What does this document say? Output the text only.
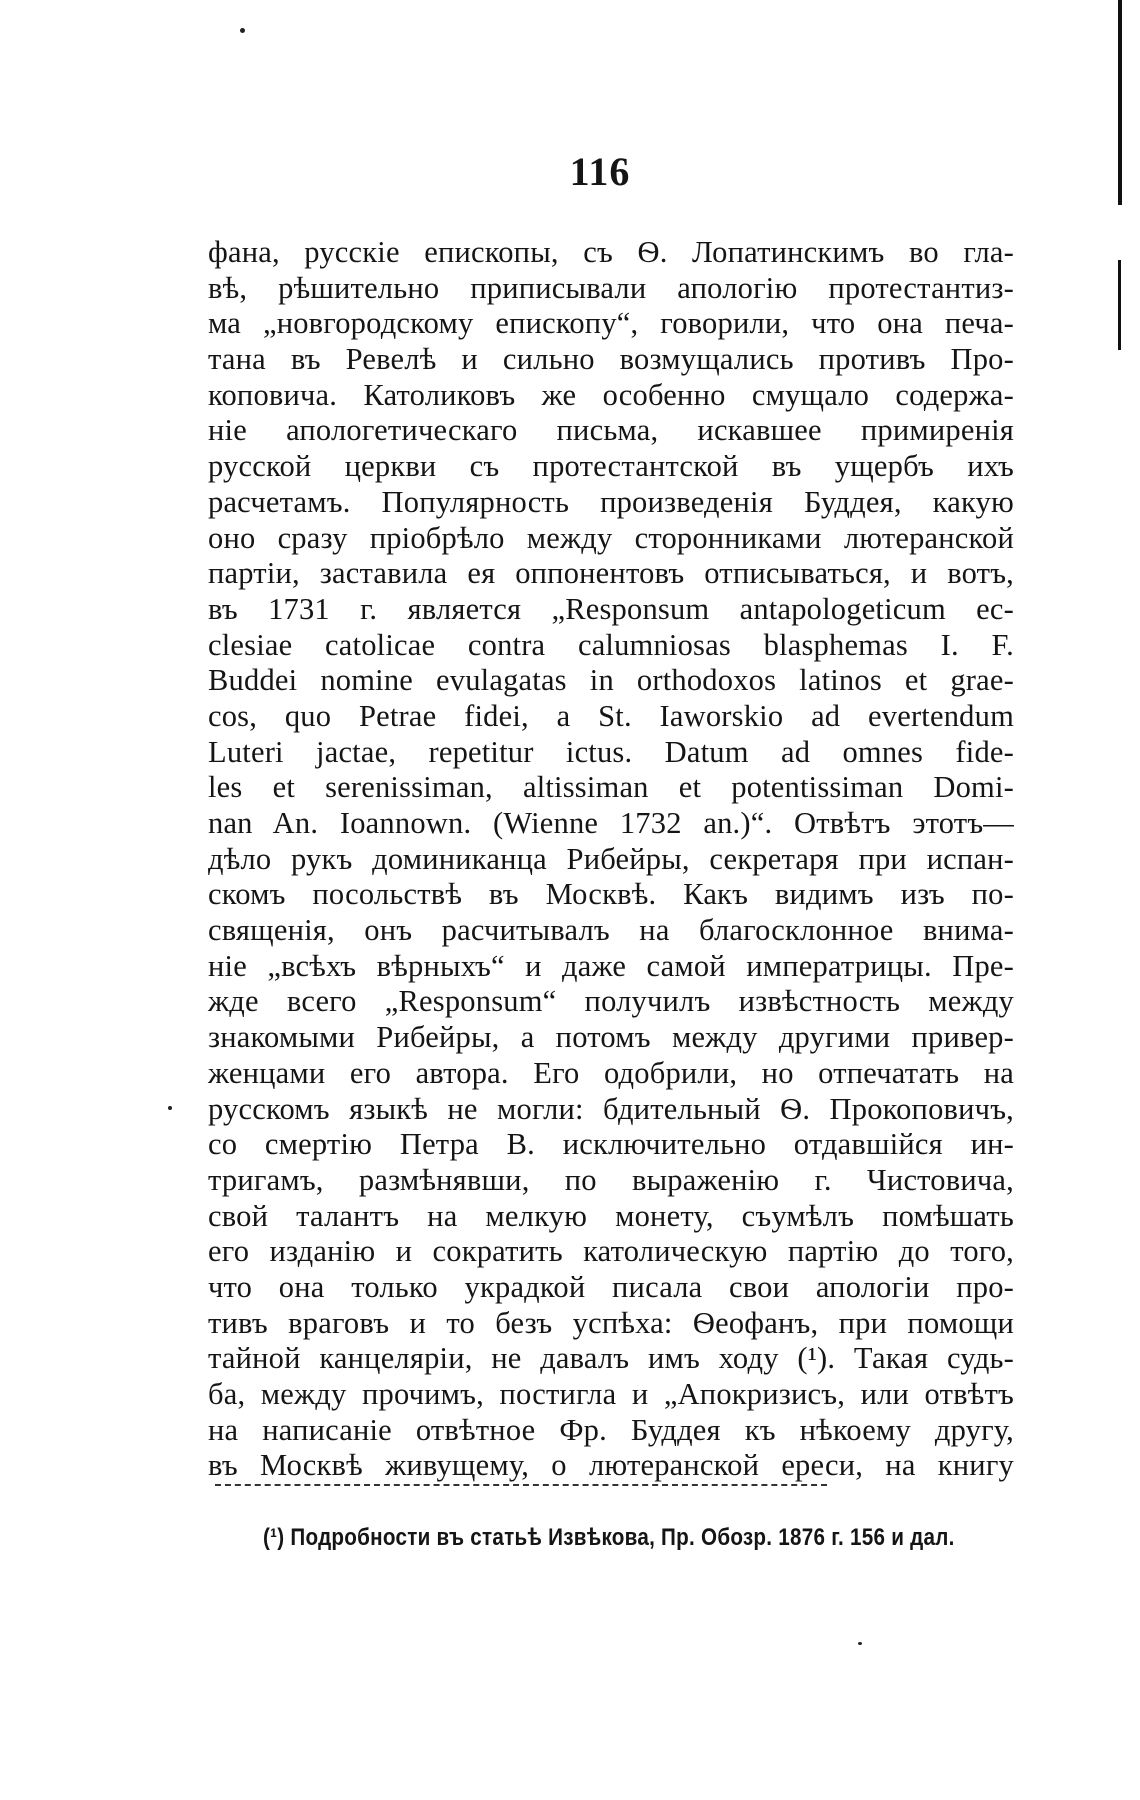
116
фана, русскіе епископы, съ Ѳ. Лопатинскимъ во гла-
вѣ, рѣшительно приписывали апологію протестантиз-
ма „новгородскому епископу“, говорили, что она печа-
тана въ Ревелѣ и сильно возмущались противъ Про-
коповича. Католиковъ же особенно смущало содержа-
ніе апологетическаго письма, искавшее примиренія
русской церкви съ протестантской въ ущербъ ихъ
расчетамъ. Популярность произведенія Буддея, какую
оно сразу пріобрѣло между сторонниками лютеранской
партіи, заставила ея оппонентовъ отписываться, и вотъ,
въ 1731 г. является „Responsum antapologeticum ec-
clesiae catolicae contra calumniosas blasphemas I. F.
Buddei nomine evulagatas in orthodoxos latinos et graе-
cos, quo Petrae fidei, a St. Iaworskio ad evertendum
Luteri jactae, repetitur ictus. Datum ad omnes fide-
les et serenissiman, altissiman et potentissiman Domi-
nan An. Ioannown. (Wienne 1732 an.)“. Отвѣтъ этотъ—
дѣло рукъ доминиканца Рибейры, секретаря при испан-
скомъ посольствѣ въ Москвѣ. Какъ видимъ изъ по-
священія, онъ расчитывалъ на благосклонное внима-
ніе „всѣхъ вѣрныхъ“ и даже самой императрицы. Пре-
жде всего „Responsum“ получилъ извѣстность между
знакомыми Рибейры, а потомъ между другими привер-
женцами его автора. Его одобрили, но отпечатать на
русскомъ языкѣ не могли: бдительный Ѳ. Прокоповичъ,
со смертію Петра В. исключительно отдавшійся ин-
тригамъ, размѣнявши, по выраженію г. Чистовича,
свой талантъ на мелкую монету, съумѣлъ помѣшать
его изданію и сократить католическую партію до того,
что она только украдкой писала свои апологіи про-
тивъ враговъ и то безъ успѣха: Ѳеофанъ, при помощи
тайной канцеляріи, не давалъ имъ ходу (¹). Такая судь-
ба, между прочимъ, постигла и „Апокризисъ, или отвѣтъ
на написаніе отвѣтное Фр. Буддея къ нѣкоему другу,
въ Москвѣ живущему, о лютеранской ереси, на книгу
(¹) Подробности въ статьѣ Извѣкова, Пр. Обозр. 1876 г. 156 и дал.
